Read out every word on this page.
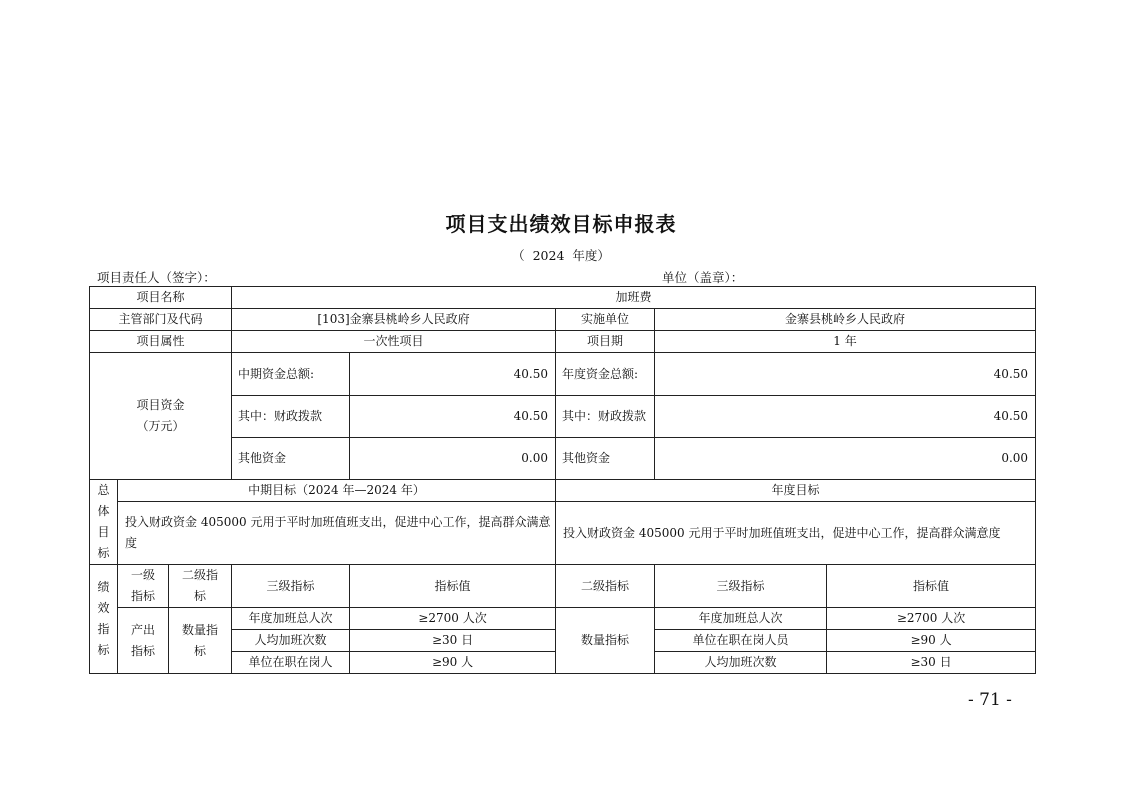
项目支出绩效目标申报表
（  2024  年度）
项目责任人（签字）：	单位（盖章）：
项目名称			加班费				
主管部门及代码			[103]金寨县桃岭乡人民政府		实施单位	金寨县桃岭乡人民政府	
项目属性			一次性项目		项目期	1 年	

项目资金
（万元）			中期资金总额:	40.50	年度资金总额:	40.50	
			其中：财政拨款	40.50	其中：财政拨款	40.50	
			其他资金	0.00	其他资金	0.00	

总
体
目
标	中期目标（2024 年—2024 年）				年度目标		
	投入财政资金 405000 元用于平时加班值班支出，促进中心工作，提高群众满意度				投入财政资金 405000 元用于平时加班值班支出，促进中心工作，提高群众满意度		

绩
效
指
标	一级指标	二级指标	三级指标	指标值	二级指标	三级指标	指标值

	产出指标	数量指标	年度加班总人次	≥2700 人次	数量指标	年度加班总人次	≥2700 人次
			人均加班次数	≥30 日		单位在职在岗人员	≥90 人
			单位在职在岗人	≥90 人		人均加班次数	≥30 日
- 71 -
